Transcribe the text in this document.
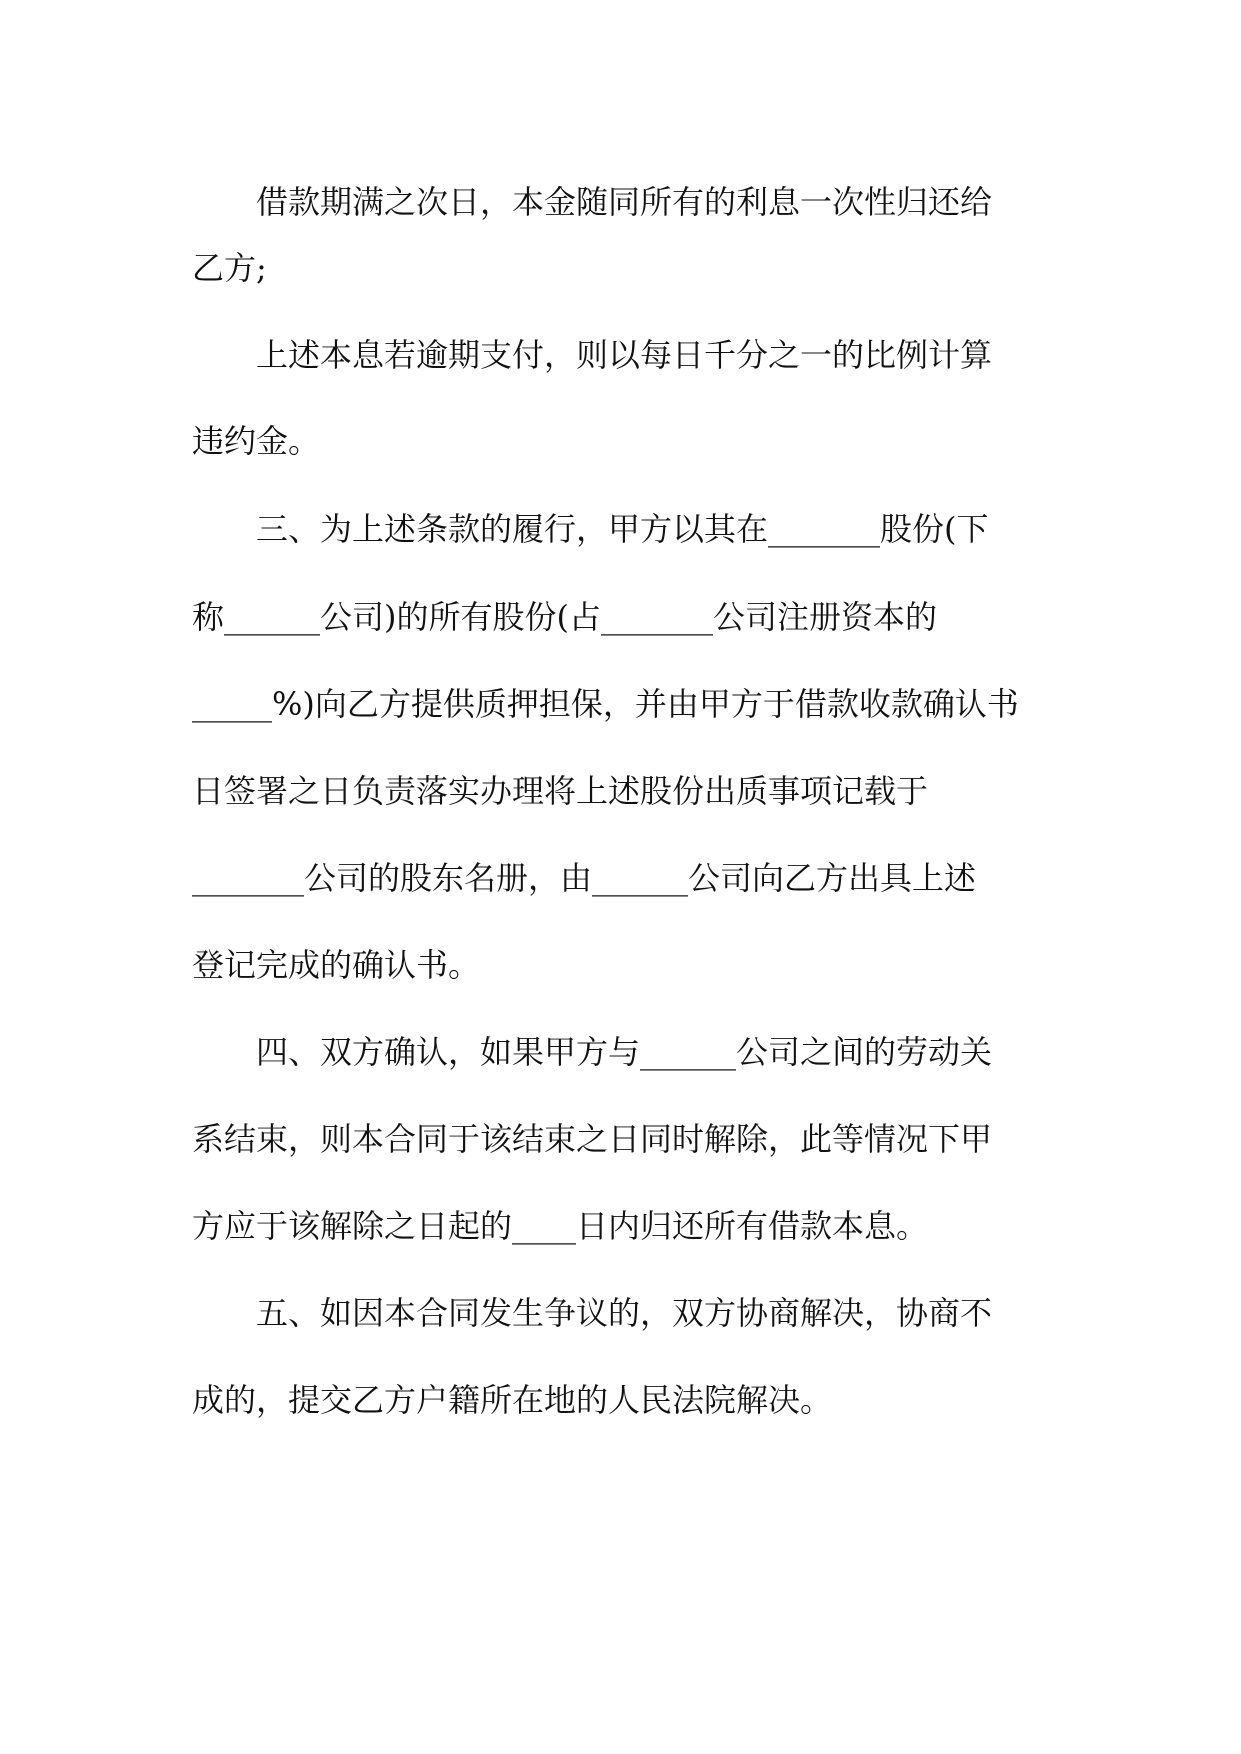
借款期满之次日，本金随同所有的利息一次性归还给

乙方;

上述本息若逾期支付，则以每日千分之一的比例计算

违约金。

三、为上述条款的履行，甲方以其在_______股份(下

称______公司)的所有股份(占_______公司注册资本的

_____%)向乙方提供质押担保，并由甲方于借款收款确认书

日签署之日负责落实办理将上述股份出质事项记载于

_______公司的股东名册，由______公司向乙方出具上述

登记完成的确认书。

四、双方确认，如果甲方与______公司之间的劳动关

系结束，则本合同于该结束之日同时解除，此等情况下甲

方应于该解除之日起的____日内归还所有借款本息。

五、如因本合同发生争议的，双方协商解决，协商不

成的，提交乙方户籍所在地的人民法院解决。
